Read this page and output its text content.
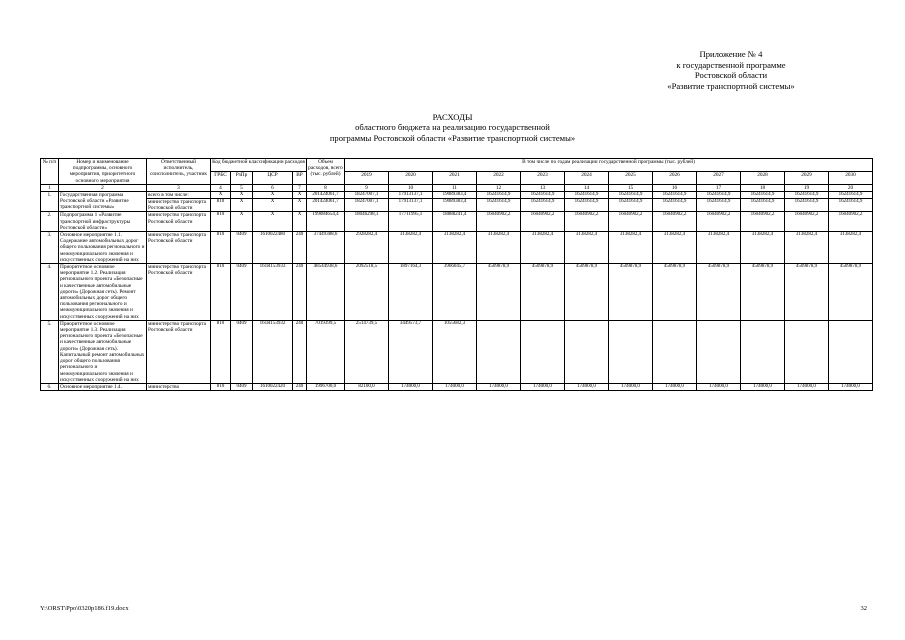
Приложение № 4
к государственной программе
Ростовской области
«Развитие транспортной системы»
РАСХОДЫ
областного бюджета на реализацию государственной
программы Ростовской области «Развитие транспортной системы»
№ п/п	Номер и наименование подпрограммы, основного мероприятия, приоритетного основного мероприятия	Ответственный исполнитель, соисполнитель, участник	Код бюджетной классификации расходов				Объем расходов, всего (тыс. рублей)	В том числе по годам реализации государственной программы (тыс. рублей)											
			ГРБС	РзПр	ЦСР	ВР		2019	2020	2021	2022	2023	2024	2025	2026	2027	2028	2029	2030
1	2	3	4	5	6	7	8	9	10	11	12	13	14	15	16	17	18	19	20
1.	Государственная программа Ростовской области «Развитие транспортной системы»	всего в том числе:	X	X	X	X	201424061,7	18247007,1	17913137,1	19089383,4	16241614,9	16241614,9	16241614,9	16241614,9	16241614,9	16241614,9	16241614,9	16241614,9	16241614,9
		министерство транспорта Ростовской области	810	X	X	X	201424061,7	18247007,1	17913137,1	19089383,4	16241614,9	16241614,9	16241614,9	16241614,9	16241614,9	16241614,9	16241614,9	16241614,9	16241614,9
2.	Подпрограмма 1 «Развитие транспортной инфраструктуры Ростовской области»	министерство транспорта Ростовской области	810	X	X	X	199084654,4	18046298,1	17711995,1	18888241,4	16040902,2	16040902,2	16040902,2	16040902,2	16040902,2	16040902,2	16040902,2	16040902,2	16040902,2
3.	Основное мероприятие 1.1. Содержание автомобильных дорог общего пользования регионального и межмуниципального значения и искусственных сооружений на них	министерство транспорта Ростовской области	810	0409	1610022480	240	37449388,6	2928282,4	3138282,4	3138282,4	3138282,4	3138282,4	3138282,4	3138282,4	3138282,4	3138282,4	3138282,4	3138282,4	3138282,4
4.	Приоритетное основное мероприятие 1.2. Реализация регионального проекта «Безопасные и качественные автомобильные дороги» (Дорожная сеть). Ремонт автомобильных дорог общего пользования регионального и межмуниципального значения и искусственных сооружений на них	министерство транспорта Ростовской области	810	0409	161R153933	240	48544938,6	2092518,5	1897164,3	3966045,7	4509878,9	4509878,9	4509878,9	4509878,9	4509878,9	4509878,9	4509878,9	4509878,9	4509878,9
5.	Приоритетное основное мероприятие 1.3. Реализация регионального проекта «Безопасные и качественные автомобильные дороги» (Дорожная сеть). Капитальный ремонт автомобильных дорог общего пользования регионального и межмуниципального значения и искусственных сооружений на них	министерство транспорта Ростовской области	810	0409	161R153932	240	7019399,5	2514739,5	3449573,7	1055682,3									
6.	Основное мероприятие 1.4.	министерство	810	0409	1610022420	240	1996700,0	82100,0	174000,0	174000,0	174000,0	174000,0	174000,0	174000,0	174000,0	174000,0	174000,0	174000,0	174000,0
Y:\ORST\Ppo\0320p186.f19.docx	32
